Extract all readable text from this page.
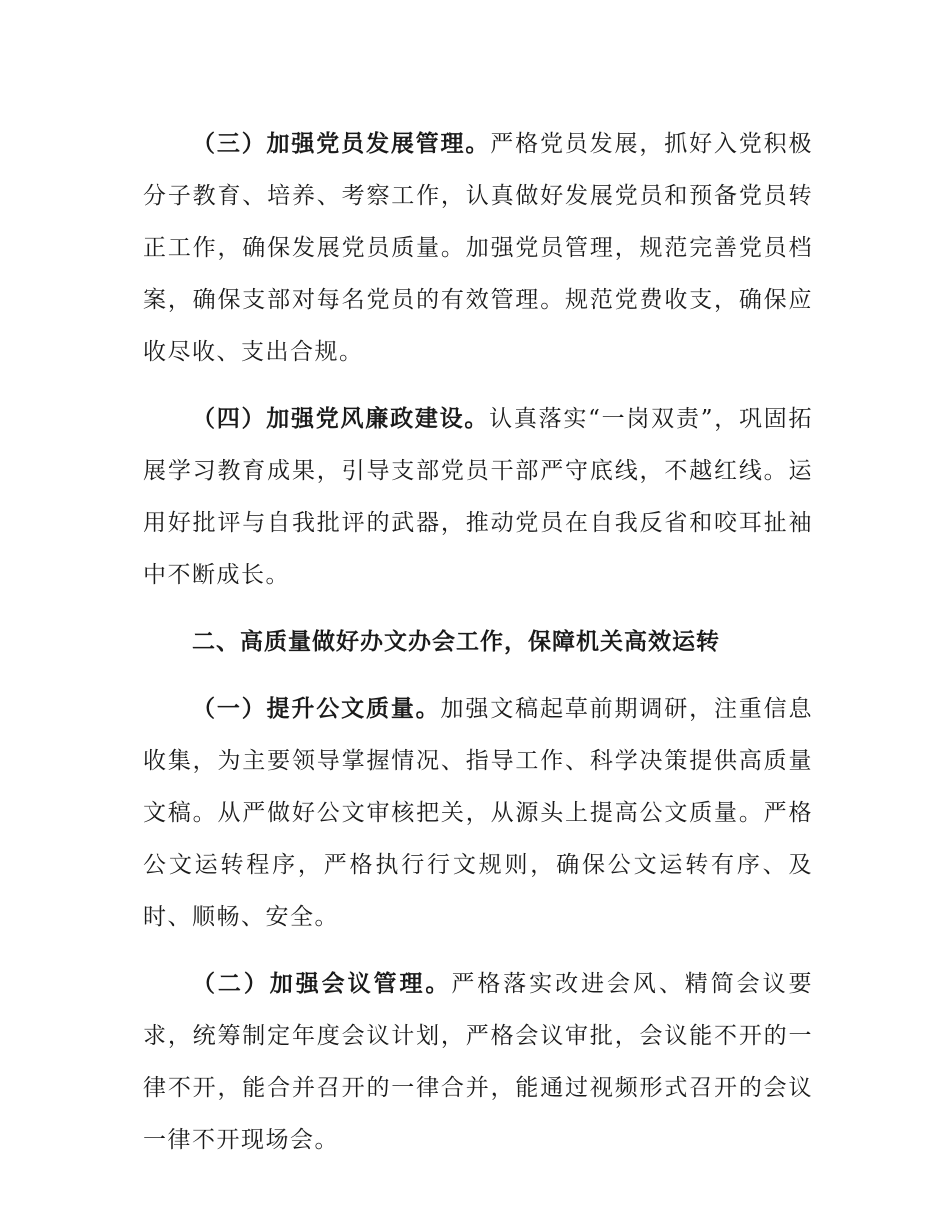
（三）加强党员发展管理。严格党员发展，抓好入党积极分子教育、培养、考察工作，认真做好发展党员和预备党员转正工作，确保发展党员质量。加强党员管理，规范完善党员档案，确保支部对每名党员的有效管理。规范党费收支，确保应收尽收、支出合规。

（四）加强党风廉政建设。认真落实“一岗双责”，巩固拓展学习教育成果，引导支部党员干部严守底线，不越红线。运用好批评与自我批评的武器，推动党员在自我反省和咬耳扯袖中不断成长。

二、高质量做好办文办会工作，保障机关高效运转

（一）提升公文质量。加强文稿起草前期调研，注重信息收集，为主要领导掌握情况、指导工作、科学决策提供高质量文稿。从严做好公文审核把关，从源头上提高公文质量。严格公文运转程序，严格执行行文规则，确保公文运转有序、及时、顺畅、安全。

（二）加强会议管理。严格落实改进会风、精简会议要求，统筹制定年度会议计划，严格会议审批，会议能不开的一律不开，能合并召开的一律合并，能通过视频形式召开的会议一律不开现场会。
